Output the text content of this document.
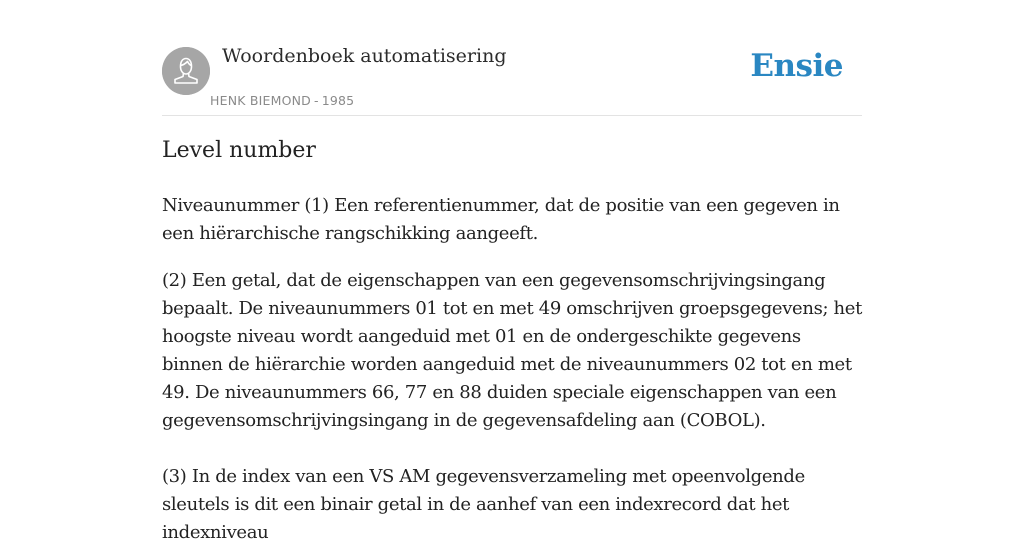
Woordenboek automatisering
HENK BIEMOND - 1985
Ensie
Level number

Niveaunummer (1) Een referentienummer, dat de positie van een gegeven in een hiërarchische rangschikking aangeeft.

(2) Een getal, dat de eigenschappen van een gegevensomschrijvingsingang bepaalt. De niveaunummers 01 tot en met 49 omschrijven groepsgegevens; het hoogste niveau wordt aangeduid met 01 en de ondergeschikte gegevens binnen de hiërarchie worden aangeduid met de niveaunummers 02 tot en met 49. De niveaunummers 66, 77 en 88 duiden speciale eigenschappen van een gegevensomschrijvingsingang in de gegevensafdeling aan (COBOL).

(3) In de index van een VS AM gegevensverzameling met opeenvolgende sleutels is dit een binair getal in de aanhef van een indexrecord dat het indexniveau
